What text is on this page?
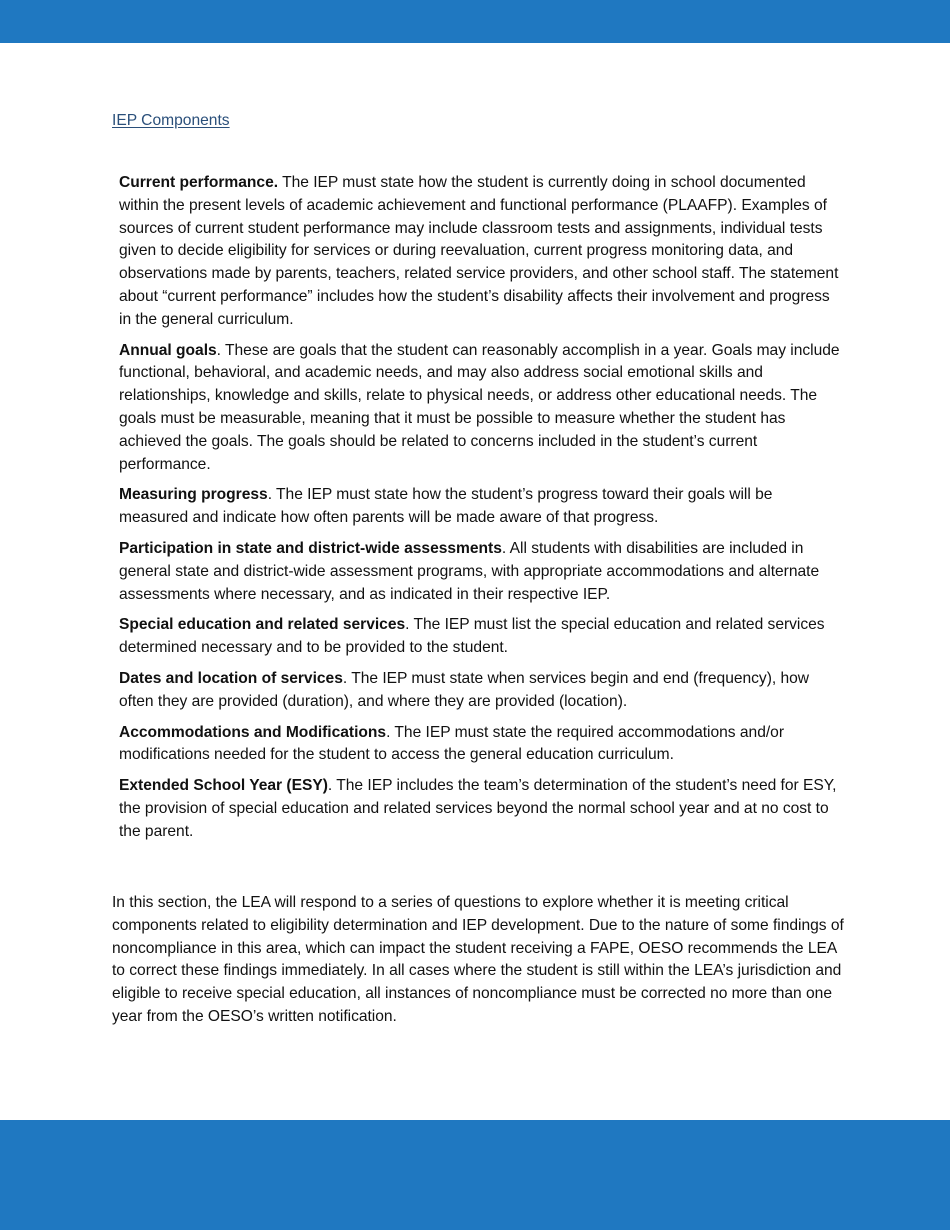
IEP Components

Current performance. The IEP must state how the student is currently doing in school documented within the present levels of academic achievement and functional performance (PLAAFP). Examples of sources of current student performance may include classroom tests and assignments, individual tests given to decide eligibility for services or during reevaluation, current progress monitoring data, and observations made by parents, teachers, related service providers, and other school staff. The statement about “current performance” includes how the student’s disability affects their involvement and progress in the general curriculum.

Annual goals. These are goals that the student can reasonably accomplish in a year. Goals may include functional, behavioral, and academic needs, and may also address social emotional skills and relationships, knowledge and skills, relate to physical needs, or address other educational needs. The goals must be measurable, meaning that it must be possible to measure whether the student has achieved the goals. The goals should be related to concerns included in the student’s current performance.

Measuring progress. The IEP must state how the student’s progress toward their goals will be measured and indicate how often parents will be made aware of that progress.

Participation in state and district-wide assessments. All students with disabilities are included in general state and district-wide assessment programs, with appropriate accommodations and alternate assessments where necessary, and as indicated in their respective IEP.

Special education and related services. The IEP must list the special education and related services determined necessary and to be provided to the student.

Dates and location of services. The IEP must state when services begin and end (frequency), how often they are provided (duration), and where they are provided (location).

Accommodations and Modifications. The IEP must state the required accommodations and/or modifications needed for the student to access the general education curriculum.

Extended School Year (ESY). The IEP includes the team’s determination of the student’s need for ESY, the provision of special education and related services beyond the normal school year and at no cost to the parent.

In this section, the LEA will respond to a series of questions to explore whether it is meeting critical components related to eligibility determination and IEP development. Due to the nature of some findings of noncompliance in this area, which can impact the student receiving a FAPE, OESO recommends the LEA to correct these findings immediately. In all cases where the student is still within the LEA’s jurisdiction and eligible to receive special education, all instances of noncompliance must be corrected no more than one year from the OESO’s written notification.
